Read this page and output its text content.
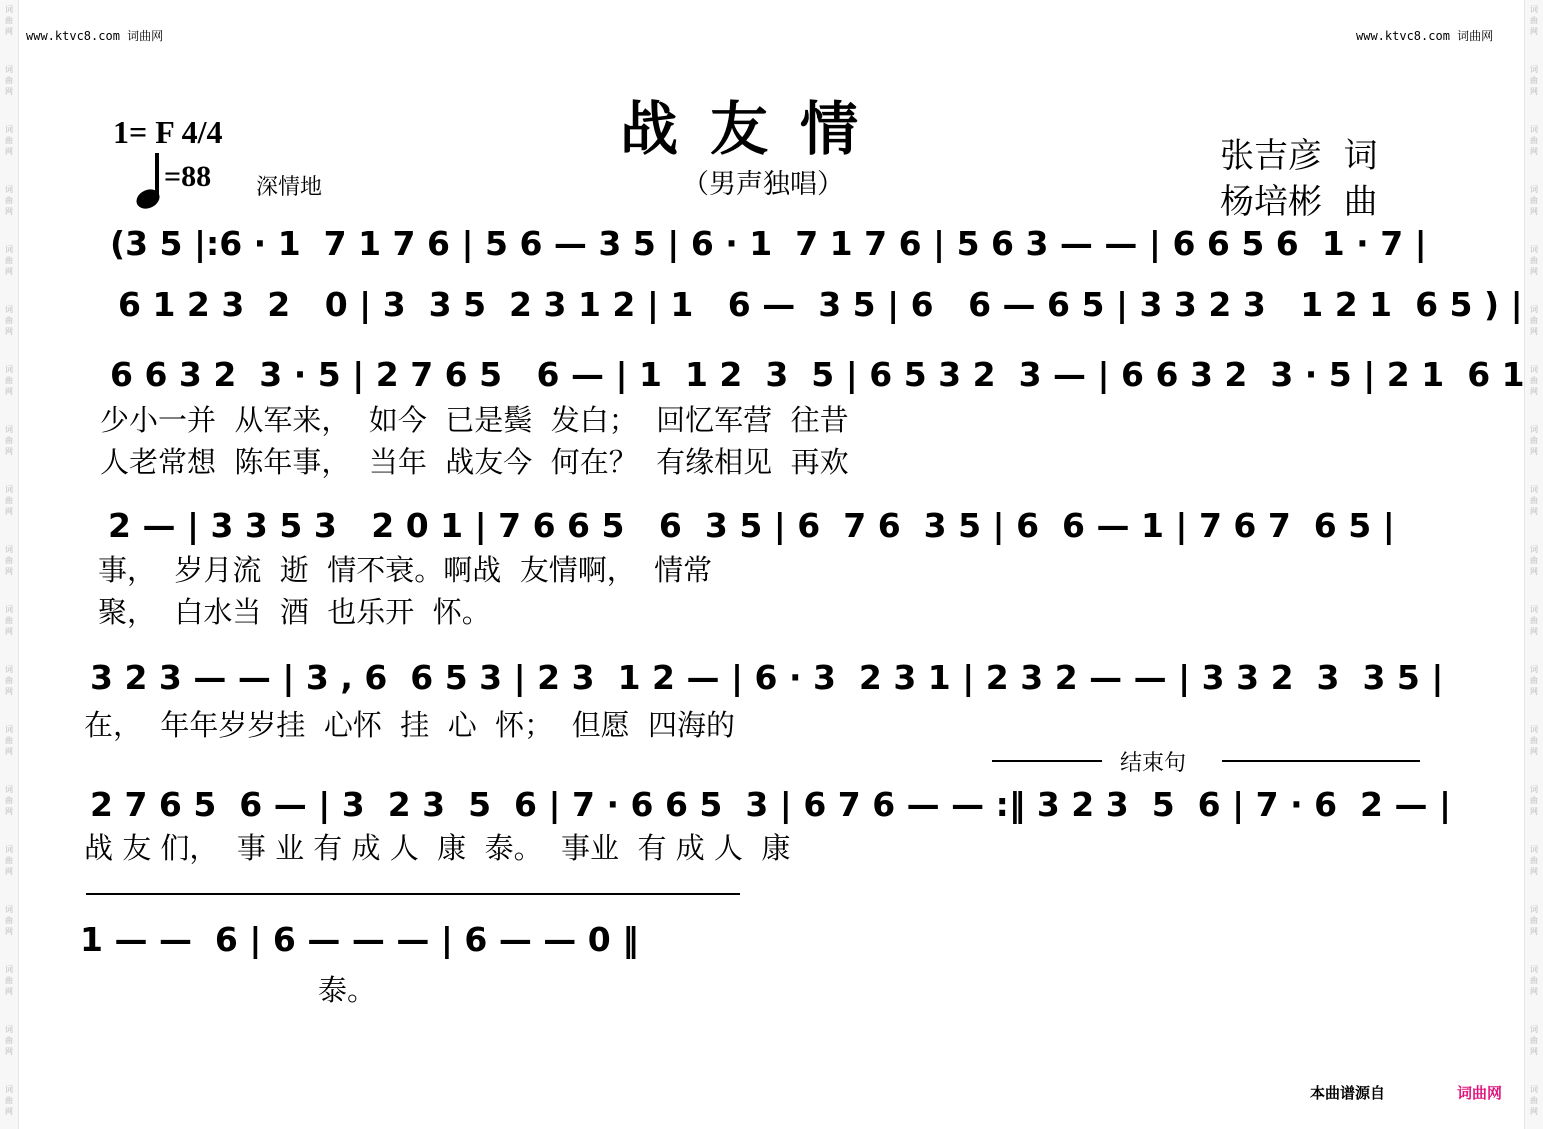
词曲网
词曲网
词曲网
词曲网
词曲网
词曲网
词曲网
词曲网
词曲网
词曲网
词曲网
词曲网
词曲网
词曲网
词曲网
词曲网
词曲网
词曲网
词曲网
词曲网
词曲网
词曲网
词曲网
词曲网
词曲网
词曲网
词曲网
词曲网
词曲网
词曲网
词曲网
词曲网
词曲网
词曲网
词曲网
词曲网
词曲网
词曲网
www.ktvc8.com 词曲网	www.ktvc8.com 词曲网
战友情
（男声独唱）
1= F 4/4
=88 深情地
张吉彦  词
杨培彬  曲
(3 5 |:6 · 1  7 1 7 6 | 5 6 — 3 5 | 6 · 1  7 1 7 6 | 5 6 3 — — | 6 6 5 6  1 · 7 |
6 1 2 3  2   0 | 3  3 5  2 3 1 2 | 1   6 —  3 5 | 6   6 — 6 5 | 3 3 2 3   1 2 1  6 5 ) |
6 6 3 2  3 · 5 | 2 7 6 5   6 — | 1  1 2  3  5 | 6 5 3 2  3 — | 6 6 3 2  3 · 5 | 2 1  6 1
少小一并  从军来，  如今  已是鬓  发白；  回忆军营  往昔
人老常想  陈年事，  当年  战友今  何在？  有缘相见  再欢
2 — | 3 3 5 3   2 0 1 | 7 6 6 5   6  3 5 | 6  7 6  3 5 | 6  6 — 1 | 7 6 7  6 5 |
事，  岁月流  逝  情不衰。啊战  友情啊，  情常
聚，  白水当  酒  也乐开  怀。
3 2 3 — — | 3 , 6  6 5 3 | 2 3  1 2 — | 6 · 3  2 3 1 | 2 3 2 — — | 3 3 2  3  3 5 |
在，  年年岁岁挂  心怀  挂  心  怀；  但愿  四海的
结束句
2 7 6 5  6 — | 3  2 3  5  6 | 7 · 6 6 5  3 | 6 7 6 — — :‖ 3 2 3  5  6 | 7 · 6  2 — |
战 友 们，  事 业 有 成 人  康  泰。  事业  有 成 人  康
1 — —  6 | 6 — — — | 6 — — 0 ‖
泰。
本曲谱源自	词曲网
